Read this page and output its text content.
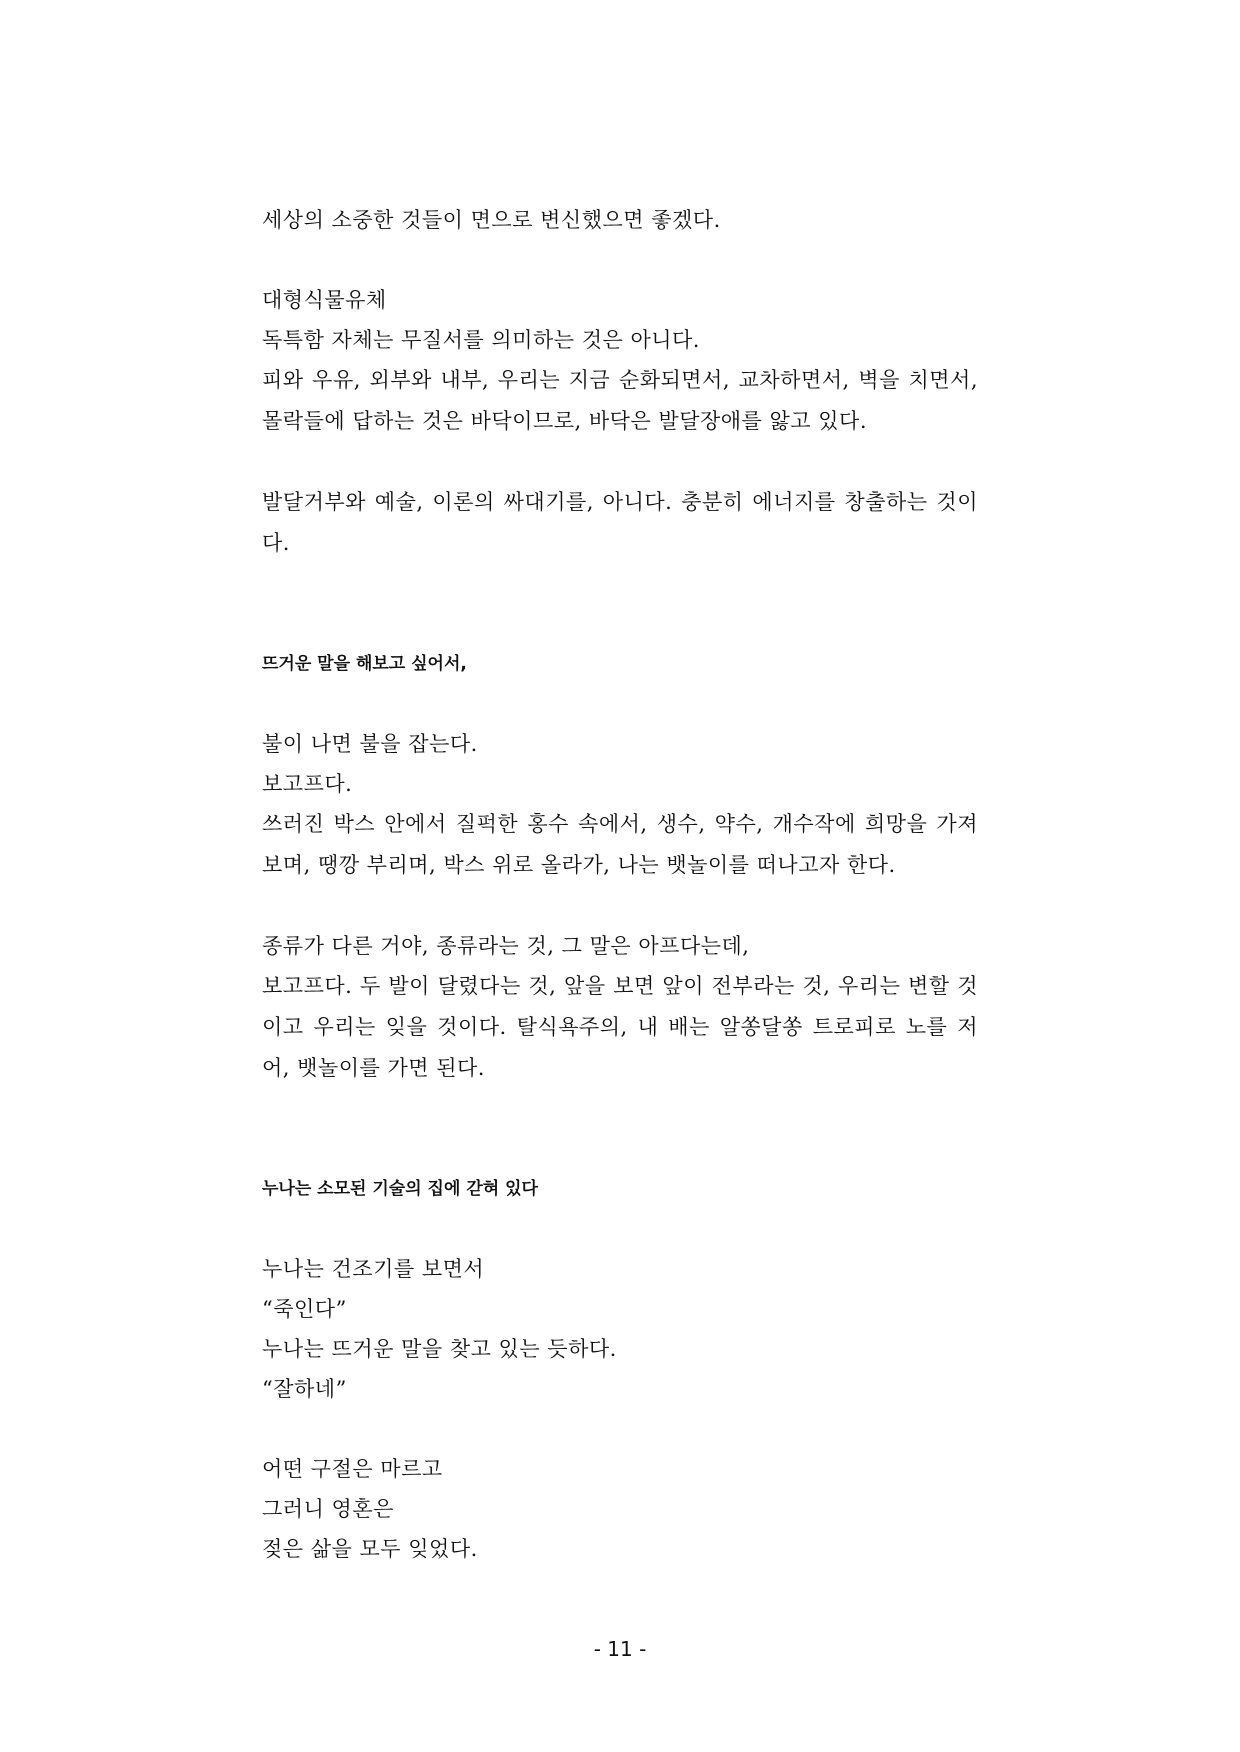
세상의 소중한 것들이 면으로 변신했으면 좋겠다.
대형식물유체
독특함 자체는 무질서를 의미하는 것은 아니다.
피와 우유, 외부와 내부, 우리는 지금 순화되면서, 교차하면서, 벽을 치면서, 몰락들에 답하는 것은 바닥이므로, 바닥은 발달장애를 앓고 있다.
발달거부와 예술, 이론의 싸대기를, 아니다. 충분히 에너지를 창출하는 것이다.
뜨거운 말을 해보고 싶어서,
불이 나면 불을 잡는다.
보고프다.
쓰러진 박스 안에서 질퍽한 홍수 속에서, 생수, 약수, 개수작에 희망을 가져보며, 땡깡 부리며, 박스 위로 올라가, 나는 뱃놀이를 떠나고자 한다.
종류가 다른 거야, 종류라는 것, 그 말은 아프다는데,
보고프다. 두 발이 달렸다는 것, 앞을 보면 앞이 전부라는 것, 우리는 변할 것이고 우리는 잊을 것이다. 탈식욕주의, 내 배는 알쏭달쏭 트로피로 노를 저어, 뱃놀이를 가면 된다.
누나는 소모된 기술의 집에 갇혀 있다
누나는 건조기를 보면서
“죽인다”
누나는 뜨거운 말을 찾고 있는 듯하다.
“잘하네”
어떤 구절은 마르고
그러니 영혼은
젖은 삶을 모두 잊었다.
- 11 -
